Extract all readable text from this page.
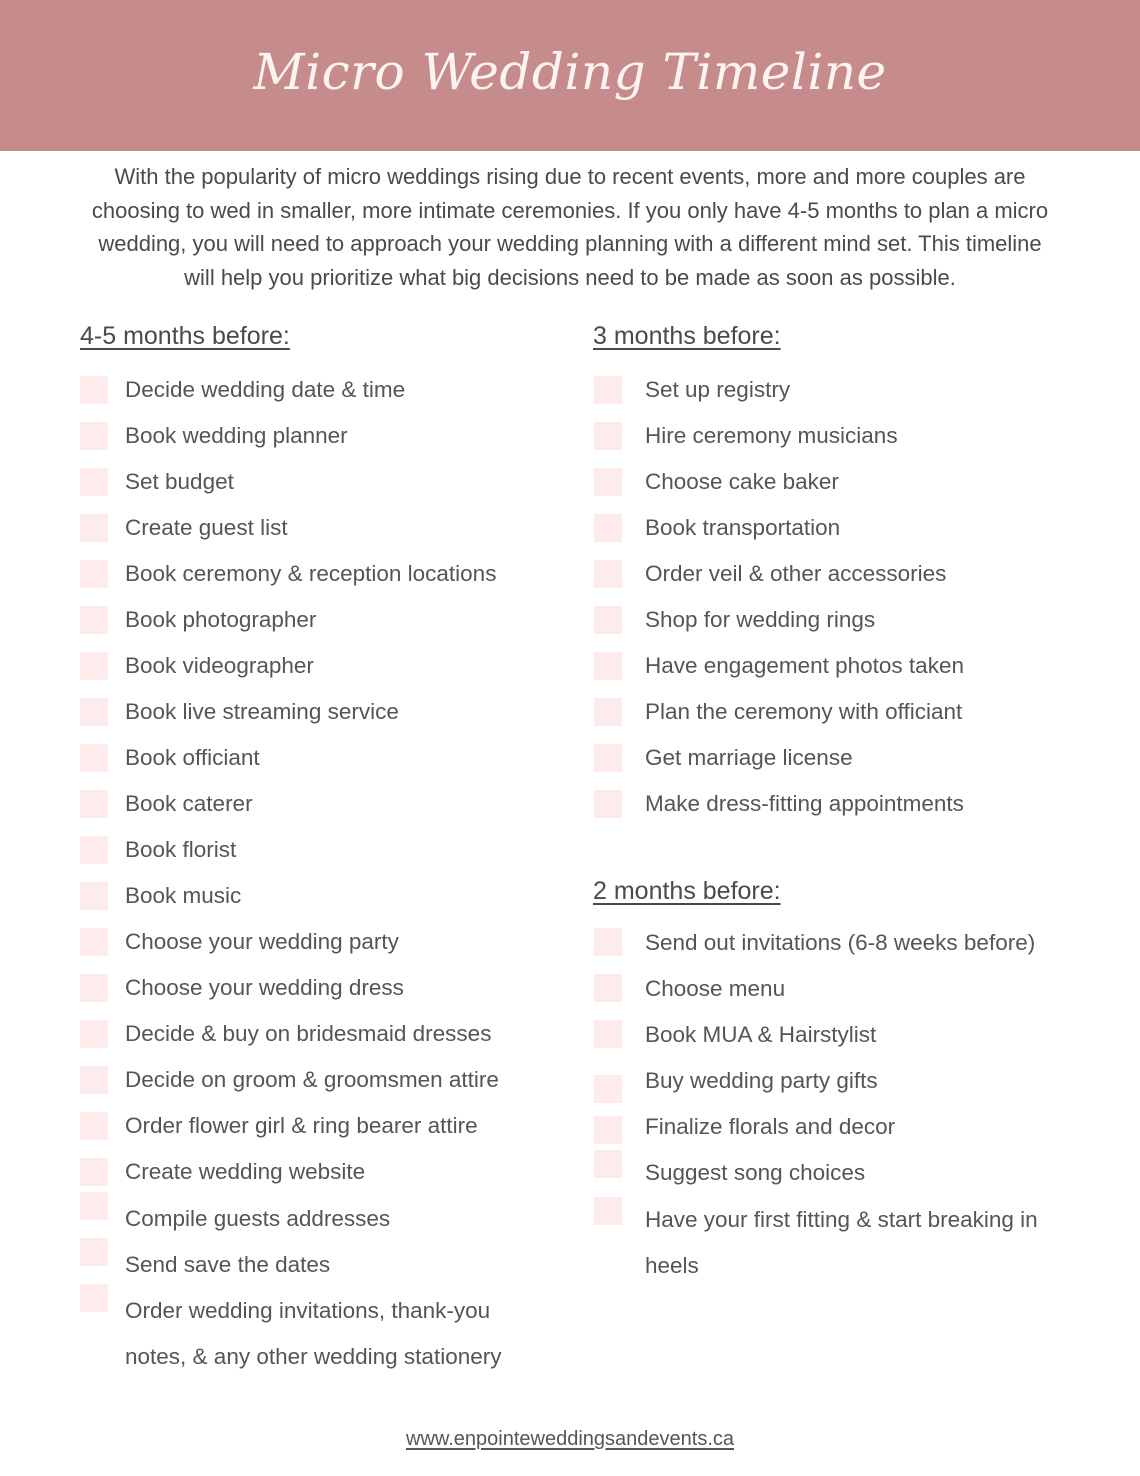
Micro Wedding Timeline
With the popularity of micro weddings rising due to recent events, more and more couples are
choosing to wed in smaller, more intimate ceremonies. If you only have 4-5 months to plan a micro
wedding, you will need to approach your wedding planning with a different mind set. This timeline
will help you prioritize what big decisions need to be made as soon as possible.
4-5 months before:
Decide wedding date & time
Book wedding planner
Set budget
Create guest list
Book ceremony & reception locations
Book photographer
Book videographer
Book live streaming service
Book officiant
Book caterer
Book florist
Book music
Choose your wedding party
Choose your wedding dress
Decide & buy on bridesmaid dresses
Decide on groom & groomsmen attire
Order flower girl & ring bearer attire
Create wedding website
Compile guests addresses
Send save the dates
Order wedding invitations, thank-you
notes, & any other wedding stationery
3 months before:
Set up registry
Hire ceremony musicians
Choose cake baker
Book transportation
Order veil & other accessories
Shop for wedding rings
Have engagement photos taken
Plan the ceremony with officiant
Get marriage license
Make dress-fitting appointments
2 months before:
Send out invitations (6-8 weeks before)
Choose menu
Book MUA & Hairstylist
Buy wedding party gifts
Finalize florals and decor
Suggest song choices
Have your first fitting & start breaking in
heels
www.enpointeweddingsandevents.ca
